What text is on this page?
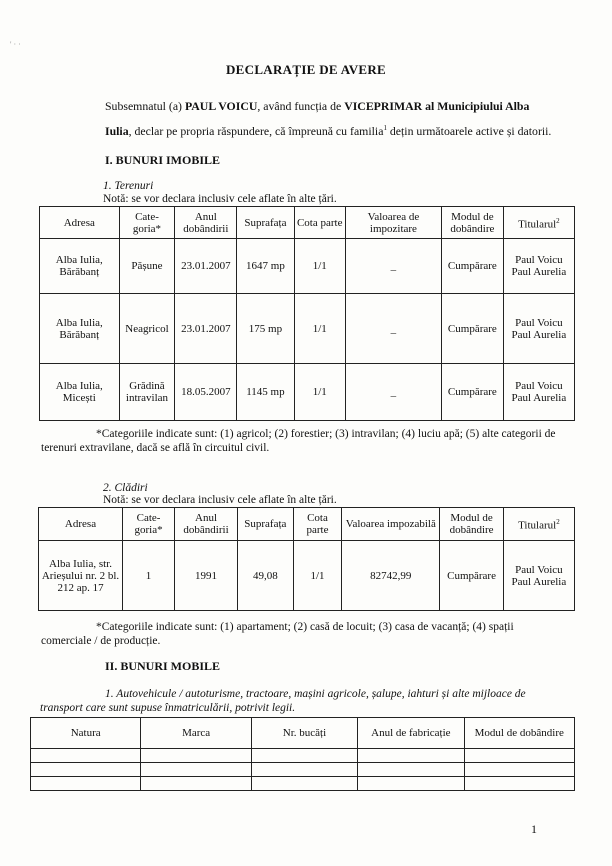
' · ·
DECLARAȚIE DE AVERE
Subsemnatul (a) PAUL VOICU, având funcția de VICEPRIMAR al Municipiului Alba
Iulia, declar pe propria răspundere, că împreună cu familia$^1$ dețin următoarele active și datorii.
I. BUNURI IMOBILE
1. Terenuri
Notă: se vor declara inclusiv cele aflate în alte țări.
Adresa	Cate-goria*	Anul dobândirii	Suprafața	Cota parte	Valoarea de impozitare	Modul de dobândire	Titularul$^2$
Alba Iulia, Bărăbanț	Pășune	23.01.2007	1647 mp	1/1	_	Cumpărare	Paul Voicu Paul Aurelia
Alba Iulia, Bărăbanț	Neagricol	23.01.2007	175 mp	1/1	_	Cumpărare	Paul Voicu Paul Aurelia
Alba Iulia, Micești	Grădină intravilan	18.05.2007	1145 mp	1/1	_	Cumpărare	Paul Voicu Paul Aurelia
*Categoriile indicate sunt: (1) agricol; (2) forestier; (3) intravilan; (4) luciu apă; (5) alte categorii de terenuri extravilane, dacă se află în circuitul civil.
2. Clădiri
Notă: se vor declara inclusiv cele aflate în alte țări.
Adresa	Cate-goria*	Anul dobândirii	Suprafața	Cota parte	Valoarea impozabilă	Modul de dobândire	Titularul$^2$
Alba Iulia, str. Arieșului nr. 2 bl. 212 ap. 17	1	1991	49,08	1/1	82742,99	Cumpărare	Paul Voicu Paul Aurelia
*Categoriile indicate sunt: (1) apartament; (2) casă de locuit; (3) casa de vacanță; (4) spații comerciale / de producție.
II. BUNURI MOBILE
1. Autovehicule / autoturisme, tractoare, mașini agricole, șalupe, iahturi și alte mijloace de transport care sunt supuse înmatriculării, potrivit legii.
Natura	Marca	Nr. bucăți	Anul de fabricație	Modul de dobândire

1
